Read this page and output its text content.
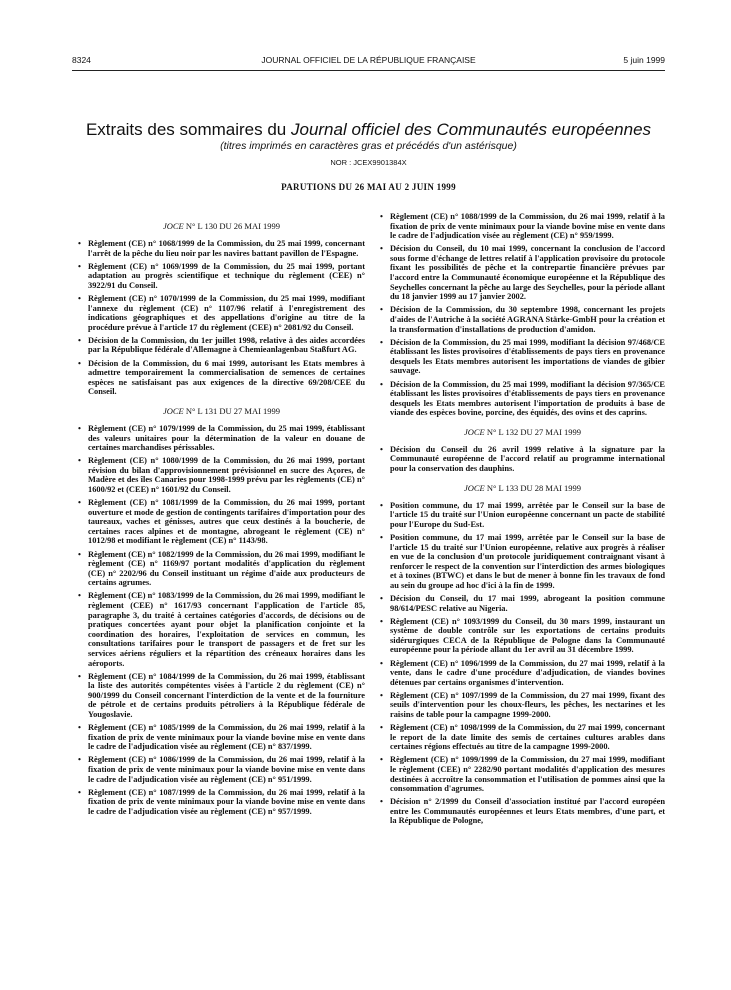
8324	JOURNAL OFFICIEL DE LA RÉPUBLIQUE FRANÇAISE	5 juin 1999
Extraits des sommaires du Journal officiel des Communautés européennes
(titres imprimés en caractères gras et précédés d'un astérisque)
NOR : JCEX9901384X
PARUTIONS DU 26 MAI AU 2 JUIN 1999
JOCE N° L 130 DU 26 MAI 1999
• Règlement (CE) n° 1068/1999 de la Commission, du 25 mai 1999, concernant l'arrêt de la pêche du lieu noir par les navires battant pavillon de l'Espagne.
• Règlement (CE) n° 1069/1999 de la Commission, du 25 mai 1999, portant adaptation au progrès scientifique et technique du règlement (CEE) n° 3922/91 du Conseil.
• Règlement (CE) n° 1070/1999 de la Commission, du 25 mai 1999, modifiant l'annexe du règlement (CE) n° 1107/96 relatif à l'enregistrement des indications géographiques et des appellations d'origine au titre de la procédure prévue à l'article 17 du règlement (CEE) n° 2081/92 du Conseil.
• Décision de la Commission, du 1er juillet 1998, relative à des aides accordées par la République fédérale d'Allemagne à Chemieanlagenbau Staßfurt AG.
• Décision de la Commission, du 6 mai 1999, autorisant les Etats membres à admettre temporairement la commercialisation de semences de certaines espèces ne satisfaisant pas aux exigences de la directive 69/208/CEE du Conseil.
JOCE N° L 131 DU 27 MAI 1999
• Règlement (CE) n° 1079/1999 de la Commission, du 25 mai 1999, établissant des valeurs unitaires pour la détermination de la valeur en douane de certaines marchandises périssables.
• Règlement (CE) n° 1080/1999 de la Commission, du 26 mai 1999, portant révision du bilan d'approvisionnement prévisionnel en sucre des Açores, de Madère et des îles Canaries pour 1998-1999 prévu par les règlements (CE) n° 1600/92 et (CEE) n° 1601/92 du Conseil.
• Règlement (CE) n° 1081/1999 de la Commission, du 26 mai 1999, portant ouverture et mode de gestion de contingents tarifaires d'importation pour des taureaux, vaches et génisses, autres que ceux destinés à la boucherie, de certaines races alpines et de montagne, abrogeant le règlement (CE) n° 1012/98 et modifiant le règlement (CE) n° 1143/98.
• Règlement (CE) n° 1082/1999 de la Commission, du 26 mai 1999, modifiant le règlement (CE) n° 1169/97 portant modalités d'application du règlement (CE) n° 2202/96 du Conseil instituant un régime d'aide aux producteurs de certains agrumes.
• Règlement (CE) n° 1083/1999 de la Commission, du 26 mai 1999, modifiant le règlement (CEE) n° 1617/93 concernant l'application de l'article 85, paragraphe 3, du traité à certaines catégories d'accords, de décisions ou de pratiques concertées ayant pour objet la planification conjointe et la coordination des horaires, l'exploitation de services en commun, les consultations tarifaires pour le transport de passagers et de fret sur les services aériens réguliers et la répartition des créneaux horaires dans les aéroports.
• Règlement (CE) n° 1084/1999 de la Commission, du 26 mai 1999, établissant la liste des autorités compétentes visées à l'article 2 du règlement (CE) n° 900/1999 du Conseil concernant l'interdiction de la vente et de la fourniture de pétrole et de certains produits pétroliers à la République fédérale de Yougoslavie.
• Règlement (CE) n° 1085/1999 de la Commission, du 26 mai 1999, relatif à la fixation de prix de vente minimaux pour la viande bovine mise en vente dans le cadre de l'adjudication visée au règlement (CE) n° 837/1999.
• Règlement (CE) n° 1086/1999 de la Commission, du 26 mai 1999, relatif à la fixation de prix de vente minimaux pour la viande bovine mise en vente dans le cadre de l'adjudication visée au règlement (CE) n° 951/1999.
• Règlement (CE) n° 1087/1999 de la Commission, du 26 mai 1999, relatif à la fixation de prix de vente minimaux pour la viande bovine mise en vente dans le cadre de l'adjudication visée au règlement (CE) n° 957/1999.
• Règlement (CE) n° 1088/1999 de la Commission, du 26 mai 1999, relatif à la fixation de prix de vente minimaux pour la viande bovine mise en vente dans le cadre de l'adjudication visée au règlement (CE) n° 959/1999.
• Décision du Conseil, du 10 mai 1999, concernant la conclusion de l'accord sous forme d'échange de lettres relatif à l'application provisoire du protocole fixant les possibilités de pêche et la contrepartie financière prévues par l'accord entre la Communauté économique européenne et la République des Seychelles concernant la pêche au large des Seychelles, pour la période allant du 18 janvier 1999 au 17 janvier 2002.
• Décision de la Commission, du 30 septembre 1998, concernant les projets d'aides de l'Autriche à la société AGRANA Stärke-GmbH pour la création et la transformation d'installations de production d'amidon.
• Décision de la Commission, du 25 mai 1999, modifiant la décision 97/468/CE établissant les listes provisoires d'établissements de pays tiers en provenance desquels les Etats membres autorisent les importations de viandes de gibier sauvage.
• Décision de la Commission, du 25 mai 1999, modifiant la décision 97/365/CE établissant les listes provisoires d'établissements de pays tiers en provenance desquels les Etats membres autorisent l'importation de produits à base de viande des espèces bovine, porcine, des équidés, des ovins et des caprins.
JOCE N° L 132 DU 27 MAI 1999
• Décision du Conseil du 26 avril 1999 relative à la signature par la Communauté européenne de l'accord relatif au programme international pour la conservation des dauphins.
JOCE N° L 133 DU 28 MAI 1999
• Position commune, du 17 mai 1999, arrêtée par le Conseil sur la base de l'article 15 du traité sur l'Union européenne concernant un pacte de stabilité pour l'Europe du Sud-Est.
• Position commune, du 17 mai 1999, arrêtée par le Conseil sur la base de l'article 15 du traité sur l'Union européenne, relative aux progrès à réaliser en vue de la conclusion d'un protocole juridiquement contraignant visant à renforcer le respect de la convention sur l'interdiction des armes biologiques et à toxines (BTWC) et dans le but de mener à bonne fin les travaux de fond au sein du groupe ad hoc d'ici à la fin de 1999.
• Décision du Conseil, du 17 mai 1999, abrogeant la position commune 98/614/PESC relative au Nigeria.
• Règlement (CE) n° 1093/1999 du Conseil, du 30 mars 1999, instaurant un système de double contrôle sur les exportations de certains produits sidérurgiques CECA de la République de Pologne dans la Communauté européenne pour la période allant du 1er avril au 31 décembre 1999.
• Règlement (CE) n° 1096/1999 de la Commission, du 27 mai 1999, relatif à la vente, dans le cadre d'une procédure d'adjudication, de viandes bovines détenues par certains organismes d'intervention.
• Règlement (CE) n° 1097/1999 de la Commission, du 27 mai 1999, fixant des seuils d'intervention pour les choux-fleurs, les pêches, les nectarines et les raisins de table pour la campagne 1999-2000.
• Règlement (CE) n° 1098/1999 de la Commission, du 27 mai 1999, concernant le report de la date limite des semis de certaines cultures arables dans certaines régions effectués au titre de la campagne 1999-2000.
• Règlement (CE) n° 1099/1999 de la Commission, du 27 mai 1999, modifiant le règlement (CEE) n° 2282/90 portant modalités d'application des mesures destinées à accroître la consommation et l'utilisation de pommes ainsi que la consommation d'agrumes.
• Décision n° 2/1999 du Conseil d'association institué par l'accord européen entre les Communautés européennes et leurs Etats membres, d'une part, et la République de Pologne,
